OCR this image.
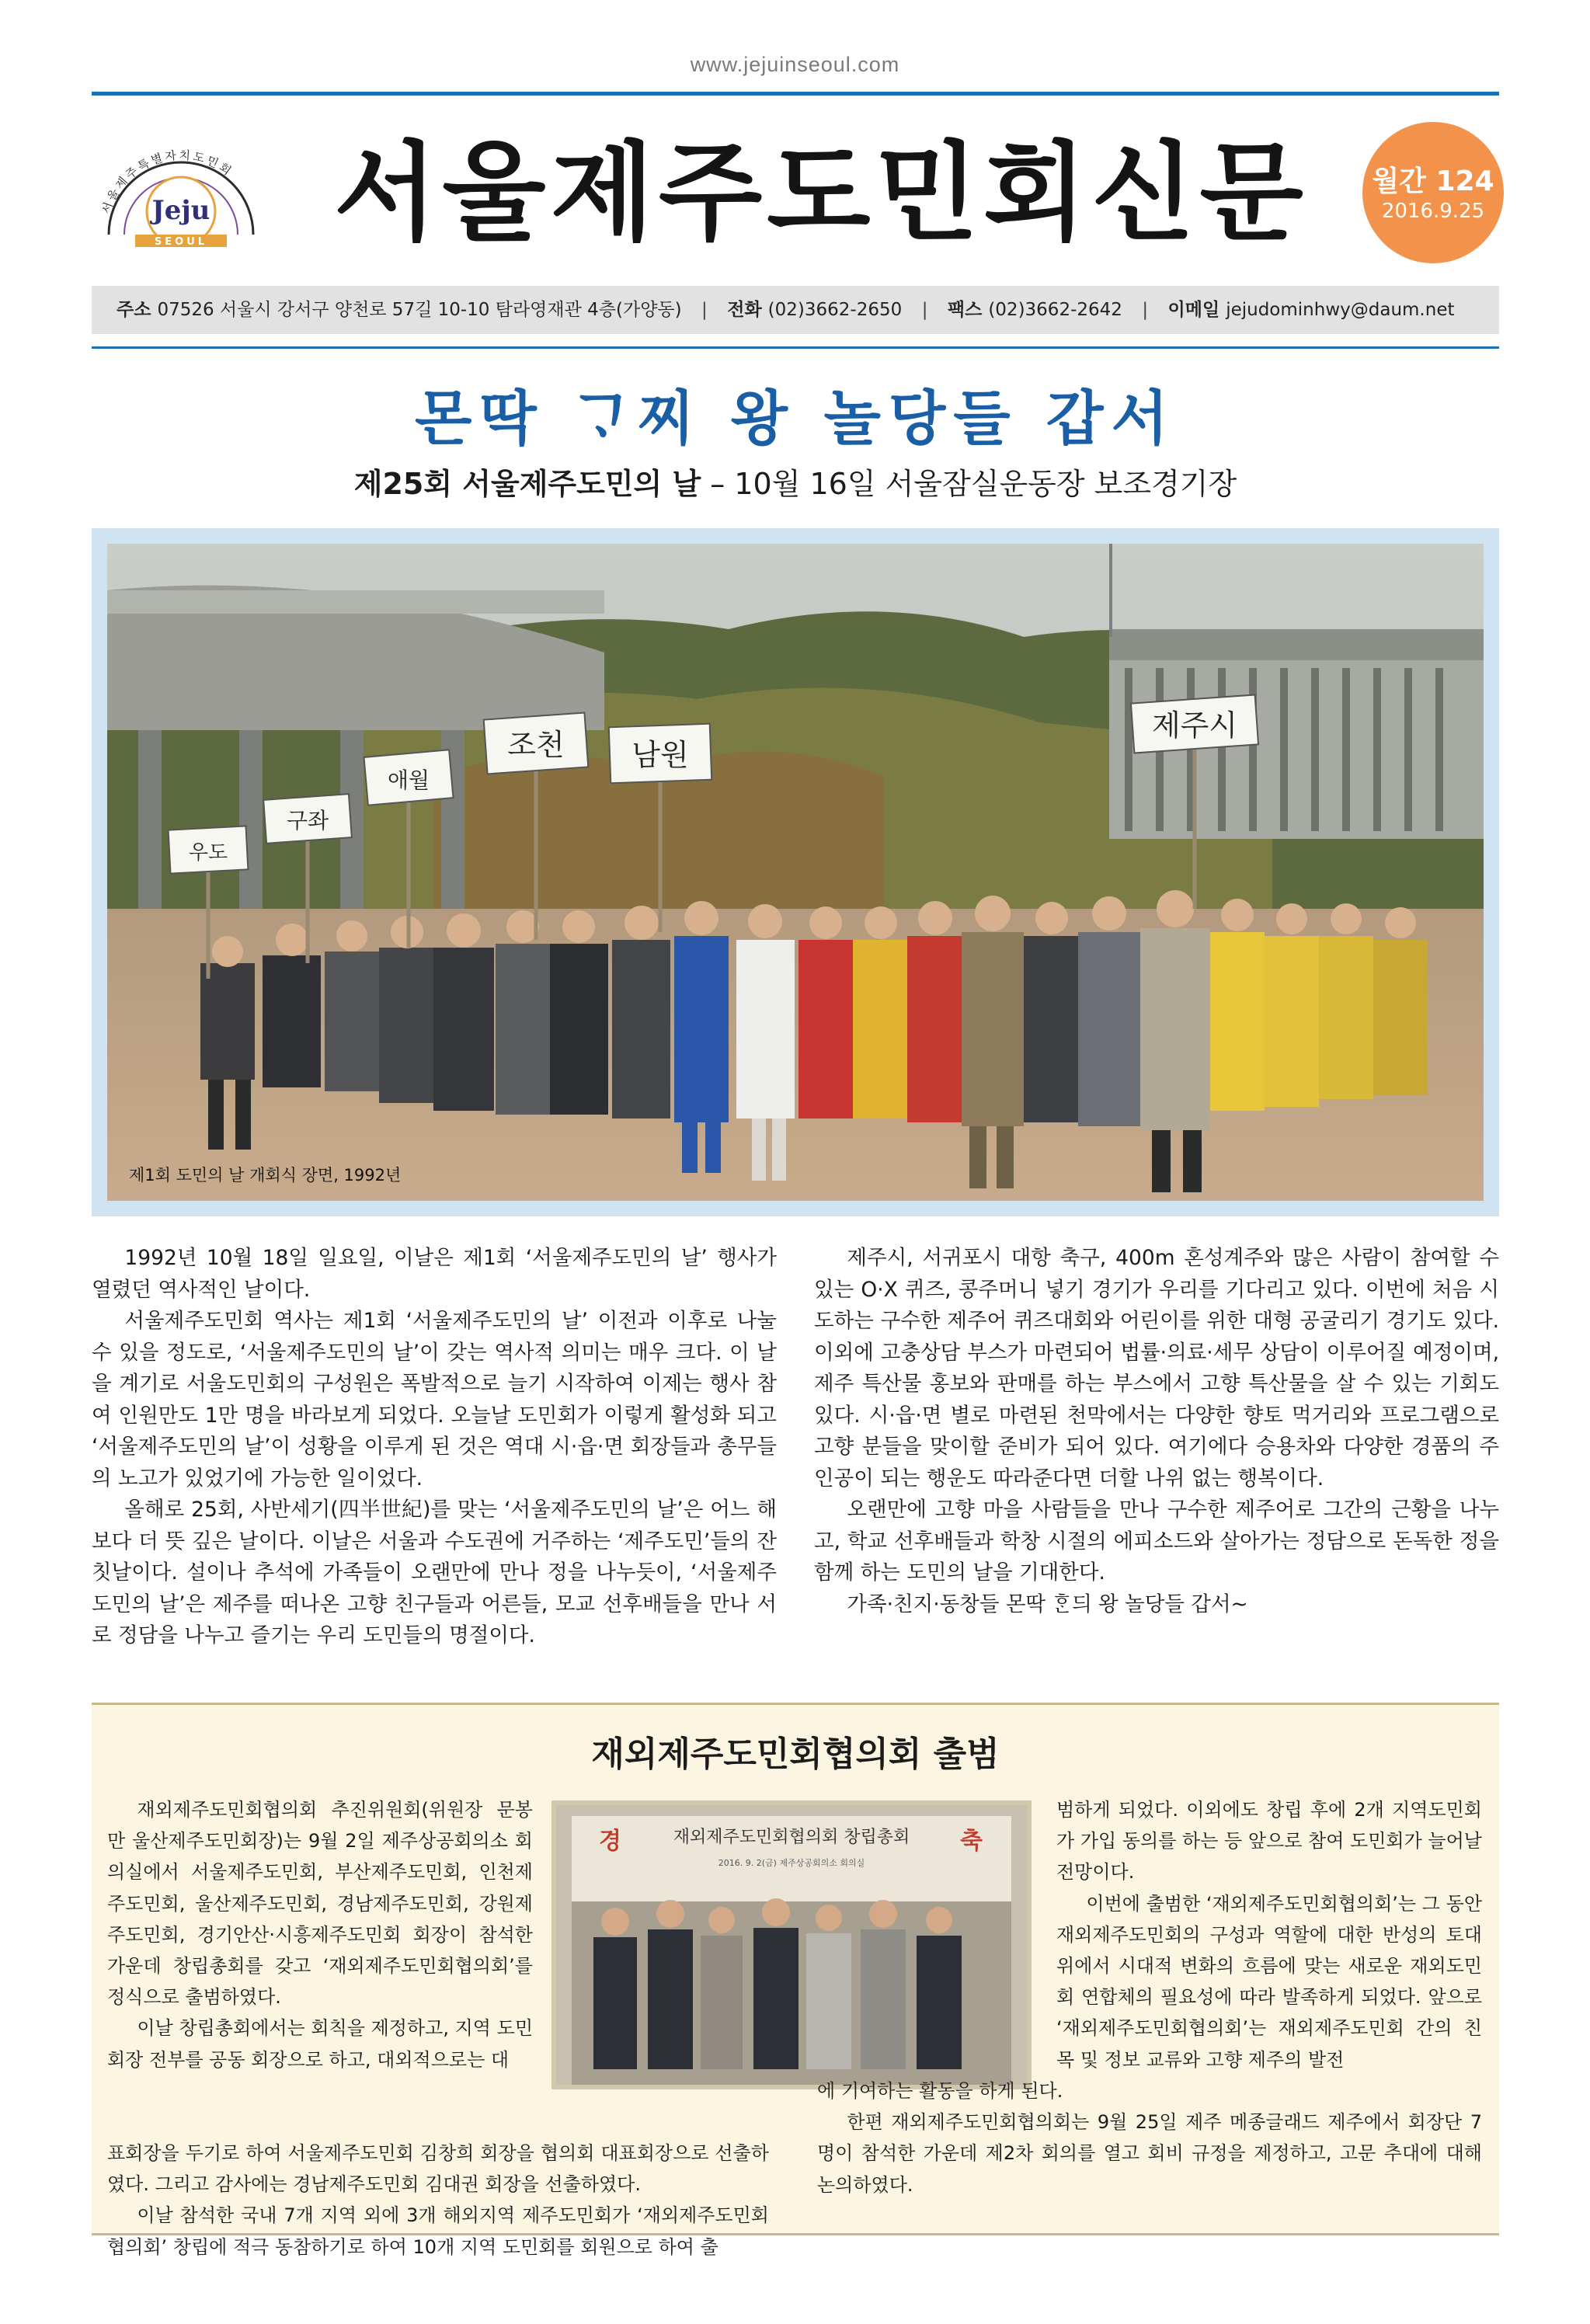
www.jejuinseoul.com
서울제주특별자치도민회
Jeju
SEOUL 서울제주도민회신문	월간 124
2016.9.25
주소 07526 서울시 강서구 양천로 57길 10-10 탐라영재관 4층(가양동) | 전화 (02)3662-2650 | 팩스 (02)3662-2642 | 이메일 jejudominhwy@daum.net
몬딱 ᄀᆞ찌 왕 놀당들 갑서
제25회 서울제주도민의 날 – 10월 16일 서울잠실운동장 보조경기장
우도
구좌
애월
조천 남원
제주시
제1회 도민의 날 개회식 장면, 1992년

1992년 10월 18일 일요일, 이날은 제1회 ‘서울제주도민의 날’ 행사가 열렸던 역사적인 날이다.

서울제주도민회 역사는 제1회 ‘서울제주도민의 날’ 이전과 이후로 나눌 수 있을 정도로, ‘서울제주도민의 날’이 갖는 역사적 의미는 매우 크다. 이 날을 계기로 서울도민회의 구성원은 폭발적으로 늘기 시작하여 이제는 행사 참여 인원만도 1만 명을 바라보게 되었다. 오늘날 도민회가 이렇게 활성화 되고 ‘서울제주도민의 날’이 성황을 이루게 된 것은 역대 시·읍·면 회장들과 총무들의 노고가 있었기에 가능한 일이었다.

올해로 25회, 사반세기(四半世紀)를 맞는 ‘서울제주도민의 날’은 어느 해보다 더 뜻 깊은 날이다. 이날은 서울과 수도권에 거주하는 ‘제주도민’들의 잔칫날이다. 설이나 추석에 가족들이 오랜만에 만나 정을 나누듯이, ‘서울제주도민의 날’은 제주를 떠나온 고향 친구들과 어른들, 모교 선후배들을 만나 서로 정담을 나누고 즐기는 우리 도민들의 명절이다.

제주시, 서귀포시 대항 축구, 400m 혼성계주와 많은 사람이 참여할 수 있는 O·X 퀴즈, 콩주머니 넣기 경기가 우리를 기다리고 있다. 이번에 처음 시도하는 구수한 제주어 퀴즈대회와 어린이를 위한 대형 공굴리기 경기도 있다. 이외에 고충상담 부스가 마련되어 법률·의료·세무 상담이 이루어질 예정이며, 제주 특산물 홍보와 판매를 하는 부스에서 고향 특산물을 살 수 있는 기회도 있다. 시·읍·면 별로 마련된 천막에서는 다양한 향토 먹거리와 프로그램으로 고향 분들을 맞이할 준비가 되어 있다. 여기에다 승용차와 다양한 경품의 주인공이 되는 행운도 따라준다면 더할 나위 없는 행복이다.

오랜만에 고향 마을 사람들을 만나 구수한 제주어로 그간의 근황을 나누고, 학교 선후배들과 학창 시절의 에피소드와 살아가는 정담으로 돈독한 정을 함께 하는 도민의 날을 기대한다.

가족·친지·동창들 몬딱 ᄒᆞᆫ듸 왕 놀당들 갑서~

재외제주도민회협의회 출범
경	축
재외제주도민회협의회 창립총회
2016. 9. 2(금) 제주상공회의소 회의실

재외제주도민회협의회 추진위원회(위원장 문봉만 울산제주도민회장)는 9월 2일 제주상공회의소 회의실에서 서울제주도민회, 부산제주도민회, 인천제주도민회, 울산제주도민회, 경남제주도민회, 강원제주도민회, 경기안산·시흥제주도민회 회장이 참석한 가운데 창립총회를 갖고 ‘재외제주도민회협의회’를 정식으로 출범하였다.

이날 창립총회에서는 회칙을 제정하고, 지역 도민회장 전부를 공동 회장으로 하고, 대외적으로는 대

표회장을 두기로 하여 서울제주도민회 김창희 회장을 협의회 대표회장으로 선출하였다. 그리고 감사에는 경남제주도민회 김대권 회장을 선출하였다.

이날 참석한 국내 7개 지역 외에 3개 해외지역 제주도민회가 ‘재외제주도민회협의회’ 창립에 적극 동참하기로 하여 10개 지역 도민회를 회원으로 하여 출

범하게 되었다. 이외에도 창립 후에 2개 지역도민회가 가입 동의를 하는 등 앞으로 참여 도민회가 늘어날 전망이다.

이번에 출범한 ‘재외제주도민회협의회’는 그 동안 재외제주도민회의 구성과 역할에 대한 반성의 토대위에서 시대적 변화의 흐름에 맞는 새로운 재외도민회 연합체의 필요성에 따라 발족하게 되었다. 앞으로 ‘재외제주도민회협의회’는 재외제주도민회 간의 친목 및 정보 교류와 고향 제주의 발전

에 기여하는 활동을 하게 된다.

한편 재외제주도민회협의회는 9월 25일 제주 메종글래드 제주에서 회장단 7명이 참석한 가운데 제2차 회의를 열고 회비 규정을 제정하고, 고문 추대에 대해 논의하였다.
